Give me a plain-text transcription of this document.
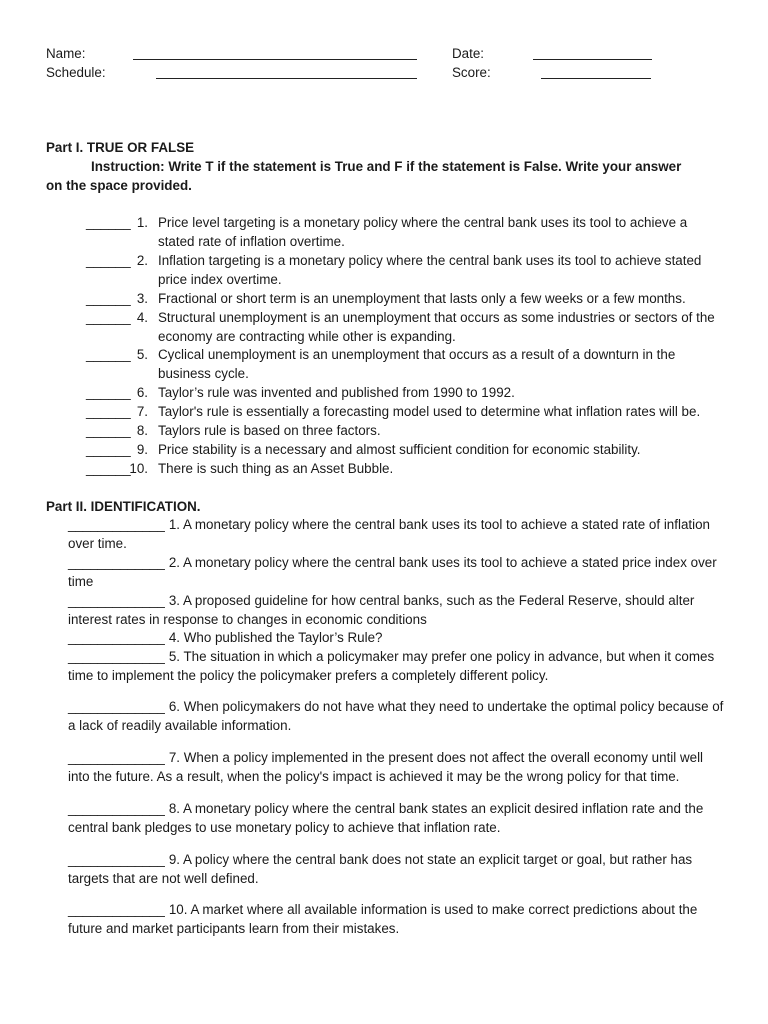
Name:
Schedule:
Date:
Score:
Part I. TRUE OR FALSE
Instruction: Write T if the statement is True and F if the statement is False. Write your answer
on the space provided.
______ 1. Price level targeting is a monetary policy where the central bank uses its tool to achieve a stated rate of inflation overtime.
______ 2. Inflation targeting is a monetary policy where the central bank uses its tool to achieve stated price index overtime.
______ 3. Fractional or short term is an unemployment that lasts only a few weeks or a few months.
______ 4. Structural unemployment is an unemployment that occurs as some industries or sectors of the economy are contracting while other is expanding.
______ 5. Cyclical unemployment is an unemployment that occurs as a result of a downturn in the business cycle.
______ 6. Taylor’s rule was invented and published from 1990 to 1992.
______ 7. Taylor's rule is essentially a forecasting model used to determine what inflation rates will be.
______ 8. Taylors rule is based on three factors.
______ 9. Price stability is a necessary and almost sufficient condition for economic stability.
______
10. There is such thing as an Asset Bubble.
Part II. IDENTIFICATION.
_____________ 1. A monetary policy where the central bank uses its tool to achieve a stated rate of inflation over time.
_____________ 2. A monetary policy where the central bank uses its tool to achieve a stated price index over time
_____________ 3. A proposed guideline for how central banks, such as the Federal Reserve, should alter interest rates in response to changes in economic conditions
_____________ 4. Who published the Taylor’s Rule?
_____________ 5. The situation in which a policymaker may prefer one policy in advance, but when it comes time to implement the policy the policymaker prefers a completely different policy.
_____________ 6. When policymakers do not have what they need to undertake the optimal policy because of a lack of readily available information.
_____________ 7. When a policy implemented in the present does not affect the overall economy until well into the future. As a result, when the policy's impact is achieved it may be the wrong policy for that time.
_____________ 8. A monetary policy where the central bank states an explicit desired inflation rate and the central bank pledges to use monetary policy to achieve that inflation rate.
_____________ 9. A policy where the central bank does not state an explicit target or goal, but rather has targets that are not well defined.
_____________ 10. A market where all available information is used to make correct predictions about the future and market participants learn from their mistakes.
